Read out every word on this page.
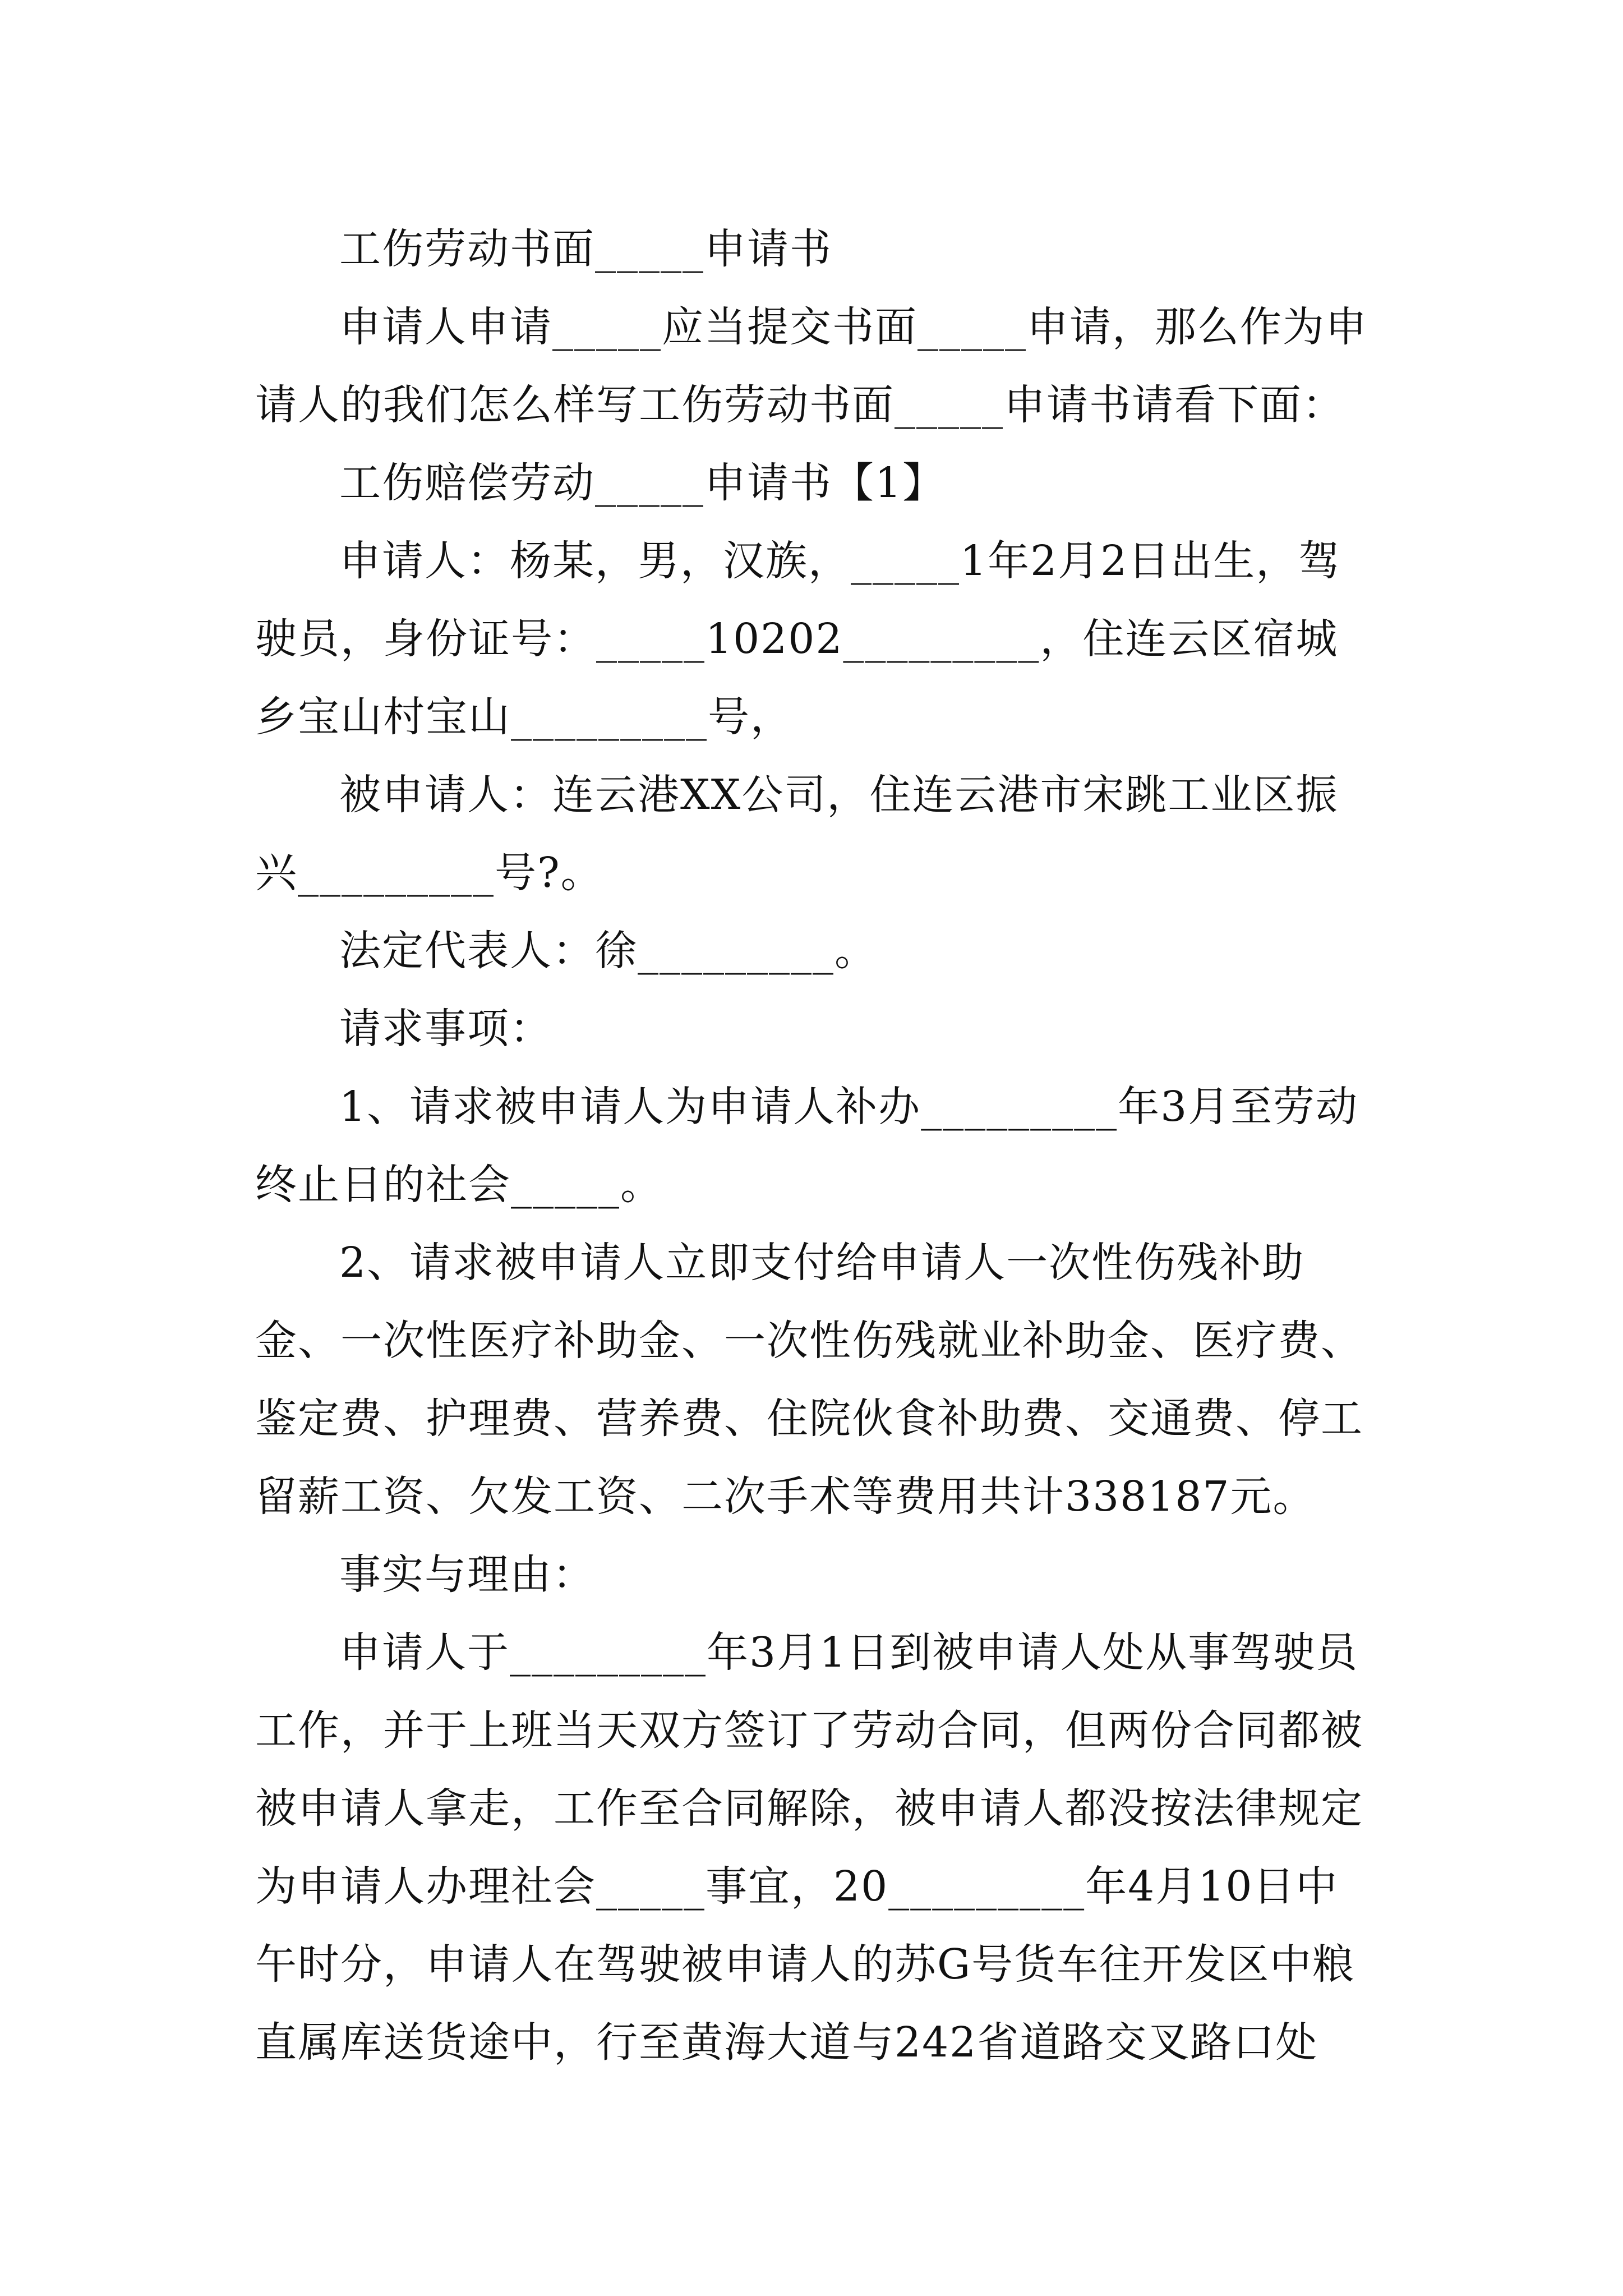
工伤劳动书面_____申请书

申请人申请_____应当提交书面_____申请，那么作为申请人的我们怎么样写工伤劳动书面_____申请书请看下面：

工伤赔偿劳动_____申请书【1】

申请人：杨某，男，汉族，_____1年2月2日出生，驾驶员，身份证号：_____10202_________，住连云区宿城乡宝山村宝山_________号，

被申请人：连云港XX公司，住连云港市宋跳工业区振兴_________号?。

法定代表人：徐_________。

请求事项：

1、请求被申请人为申请人补办_________年3月至劳动终止日的社会_____。

2、请求被申请人立即支付给申请人一次性伤残补助金、一次性医疗补助金、一次性伤残就业补助金、医疗费、鉴定费、护理费、营养费、住院伙食补助费、交通费、停工留薪工资、欠发工资、二次手术等费用共计338187元。

事实与理由：

申请人于_________年3月1日到被申请人处从事驾驶员工作，并于上班当天双方签订了劳动合同，但两份合同都被被申请人拿走，工作至合同解除，被申请人都没按法律规定为申请人办理社会_____事宜，20_________年4月10日中午时分，申请人在驾驶被申请人的苏G号货车往开发区中粮直属库送货途中，行至黄海大道与242省道路交叉路口处
